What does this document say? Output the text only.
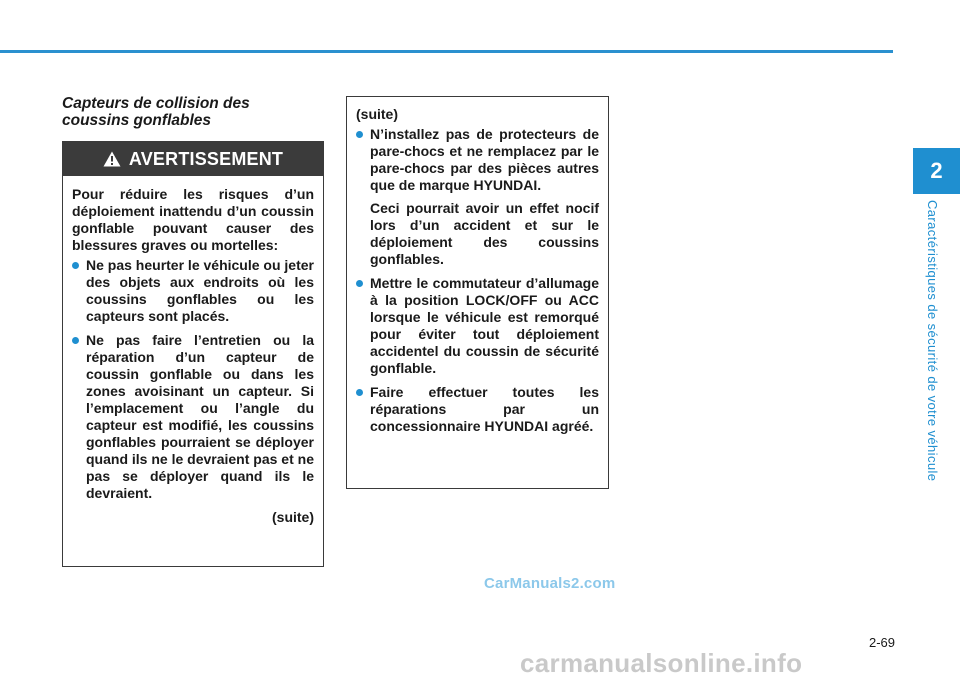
2
Caractéristiques de sécurité de votre véhicule
Capteurs de collision des
coussins gonflables
AVERTISSEMENT

Pour réduire les risques d’un déploiement inattendu d’un coussin gonflable pouvant causer des blessures graves ou mortelles:

Ne pas heurter le véhicule ou jeter des objets aux endroits où les coussins gonflables ou les capteurs sont placés.
Ne pas faire l’entretien ou la réparation d’un capteur de coussin gonflable ou dans les zones avoisinant un capteur. Si l’emplacement ou l’angle du capteur est modifié, les coussins gonflables pourraient se déployer quand ils ne le devraient pas et ne pas se déployer quand ils le devraient.
(suite)

(suite)

N’installez pas de protecteurs de pare-chocs et ne remplacez par le pare-chocs par des pièces autres que de marque HYUNDAI.

Ceci pourrait avoir un effet nocif lors d’un accident et sur le déploiement des coussins gonflables.

Mettre le commutateur d’allumage à la position LOCK/OFF ou ACC lorsque le véhicule est remorqué pour éviter tout déploiement accidentel du coussin de sécurité gonflable.
Faire effectuer toutes les réparations par un concessionnaire HYUNDAI agréé.
CarManuals2.com
2-69
carmanualsonline.info
